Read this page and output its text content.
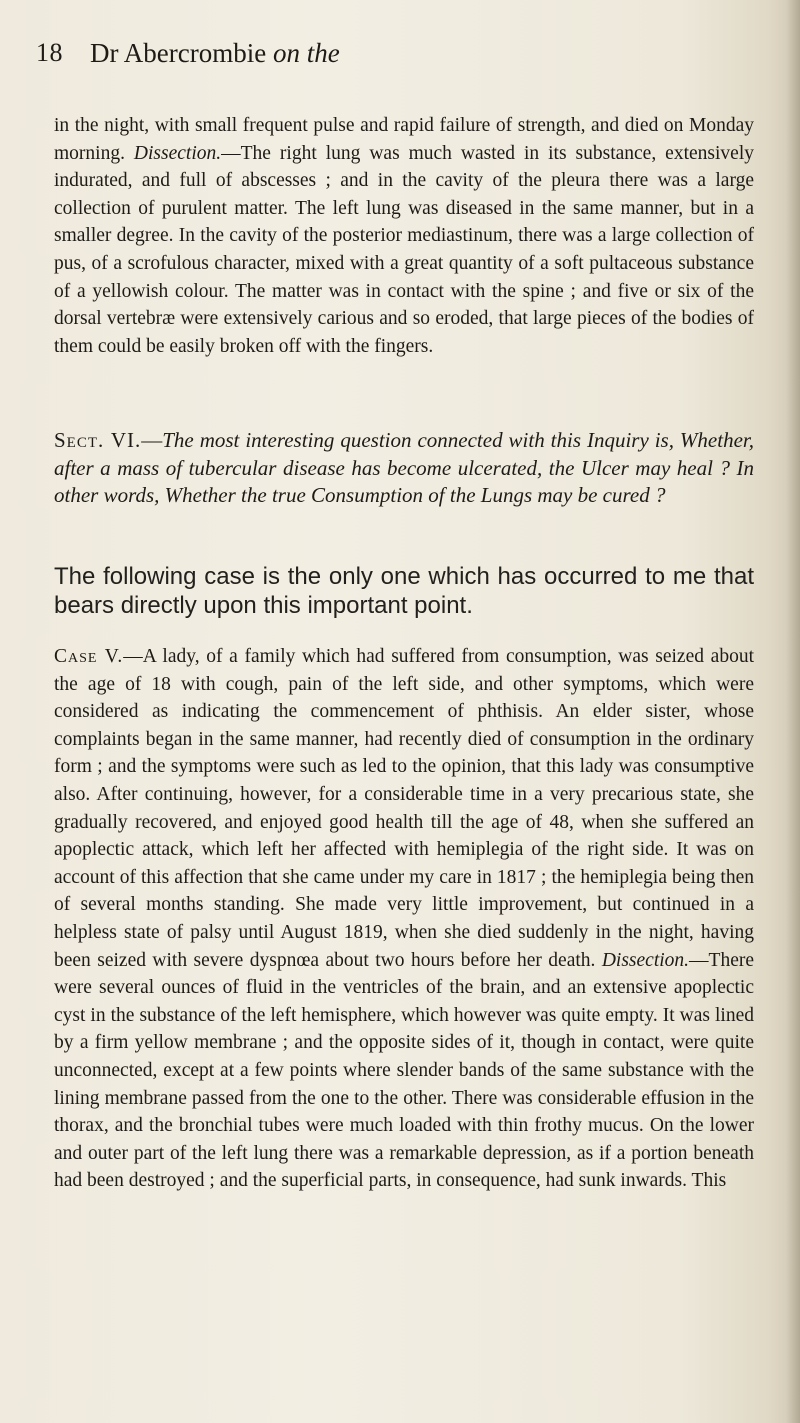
18 Dr Abercrombie on the

in the night, with small frequent pulse and rapid failure of strength, and died on Monday morning. Dissection.—The right lung was much wasted in its substance, extensively indurated, and full of abscesses ; and in the cavity of the pleura there was a large collection of purulent matter. The left lung was diseased in the same manner, but in a smaller degree. In the cavity of the posterior mediastinum, there was a large collection of pus, of a scrofulous character, mixed with a great quantity of a soft pultaceous substance of a yellowish colour. The matter was in contact with the spine ; and five or six of the dorsal vertebræ were extensively carious and so eroded, that large pieces of the bodies of them could be easily broken off with the fingers.

Sect. VI.—The most interesting question connected with this Inquiry is, Whether, after a mass of tubercular disease has become ulcerated, the Ulcer may heal ? In other words, Whether the true Consumption of the Lungs may be cured ?

The following case is the only one which has occurred to me that bears directly upon this important point.

Case V.—A lady, of a family which had suffered from consumption, was seized about the age of 18 with cough, pain of the left side, and other symptoms, which were considered as indicating the commencement of phthisis. An elder sister, whose complaints began in the same manner, had recently died of consumption in the ordinary form ; and the symptoms were such as led to the opinion, that this lady was consumptive also. After continuing, however, for a considerable time in a very precarious state, she gradually recovered, and enjoyed good health till the age of 48, when she suffered an apoplectic attack, which left her affected with hemiplegia of the right side. It was on account of this affection that she came under my care in 1817 ; the hemiplegia being then of several months standing. She made very little improvement, but continued in a helpless state of palsy until August 1819, when she died suddenly in the night, having been seized with severe dyspnœa about two hours before her death. Dissection.—There were several ounces of fluid in the ventricles of the brain, and an extensive apoplectic cyst in the substance of the left hemisphere, which however was quite empty. It was lined by a firm yellow membrane ; and the opposite sides of it, though in contact, were quite unconnected, except at a few points where slender bands of the same substance with the lining membrane passed from the one to the other. There was considerable effusion in the thorax, and the bronchial tubes were much loaded with thin frothy mucus. On the lower and outer part of the left lung there was a remarkable depression, as if a portion beneath had been destroyed ; and the superficial parts, in consequence, had sunk inwards. This
